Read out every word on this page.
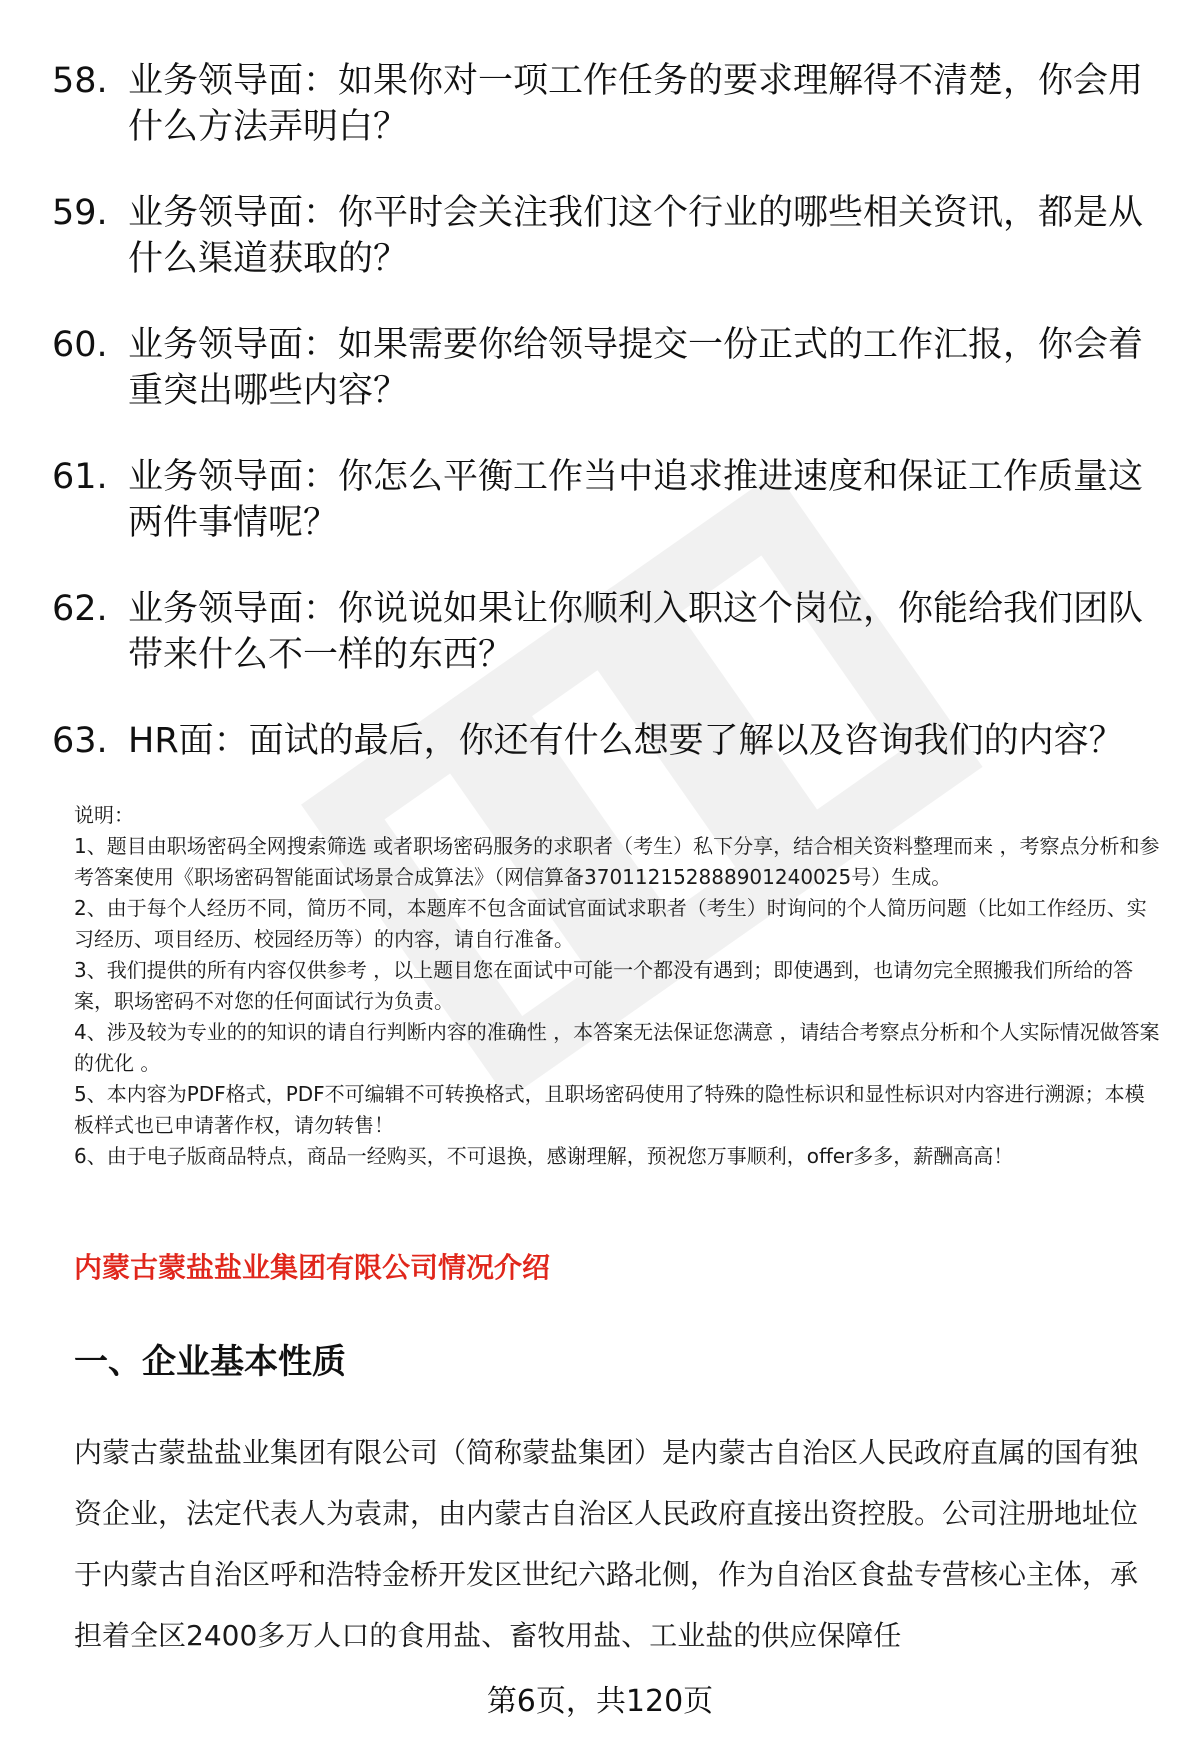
58. 业务领导面：如果你对一项工作任务的要求理解得不清楚，你会用什么方法弄明白？
59. 业务领导面：你平时会关注我们这个行业的哪些相关资讯，都是从什么渠道获取的？
60. 业务领导面：如果需要你给领导提交一份正式的工作汇报，你会着重突出哪些内容？
61. 业务领导面：你怎么平衡工作当中追求推进速度和保证工作质量这两件事情呢？
62. 业务领导面：你说说如果让你顺利入职这个岗位，你能给我们团队带来什么不一样的东西？
63. HR面：面试的最后，你还有什么想要了解以及咨询我们的内容？

说明：

1、题目由职场密码全网搜索筛选 或者职场密码服务的求职者（考生）私下分享，结合相关资料整理而来 ，考察点分析和参考答案使用《职场密码智能面试场景合成算法》（网信算备370112152888901240025号）生成。

2、由于每个人经历不同，简历不同，本题库不包含面试官面试求职者（考生）时询问的个人简历问题（比如工作经历、实习经历、项目经历、校园经历等）的内容，请自行准备。

3、我们提供的所有内容仅供参考 ，以上题目您在面试中可能一个都没有遇到；即使遇到，也请勿完全照搬我们所给的答案，职场密码不对您的任何面试行为负责。

4、涉及较为专业的的知识的请自行判断内容的准确性 ，本答案无法保证您满意 ，请结合考察点分析和个人实际情况做答案的优化 。

5、本内容为PDF格式，PDF不可编辑不可转换格式，且职场密码使用了特殊的隐性标识和显性标识对内容进行溯源；本模板样式也已申请著作权，请勿转售！

6、由于电子版商品特点，商品一经购买，不可退换，感谢理解，预祝您万事顺利，offer多多，薪酬高高！

内蒙古蒙盐盐业集团有限公司情况介绍
一、企业基本性质

内蒙古蒙盐盐业集团有限公司（简称蒙盐集团）是内蒙古自治区人民政府直属的国有独资企业，法定代表人为袁肃，由内蒙古自治区人民政府直接出资控股。公司注册地址位于内蒙古自治区呼和浩特金桥开发区世纪六路北侧，作为自治区食盐专营核心主体，承担着全区2400多万人口的食用盐、畜牧用盐、工业盐的供应保障任

第6页，共120页
